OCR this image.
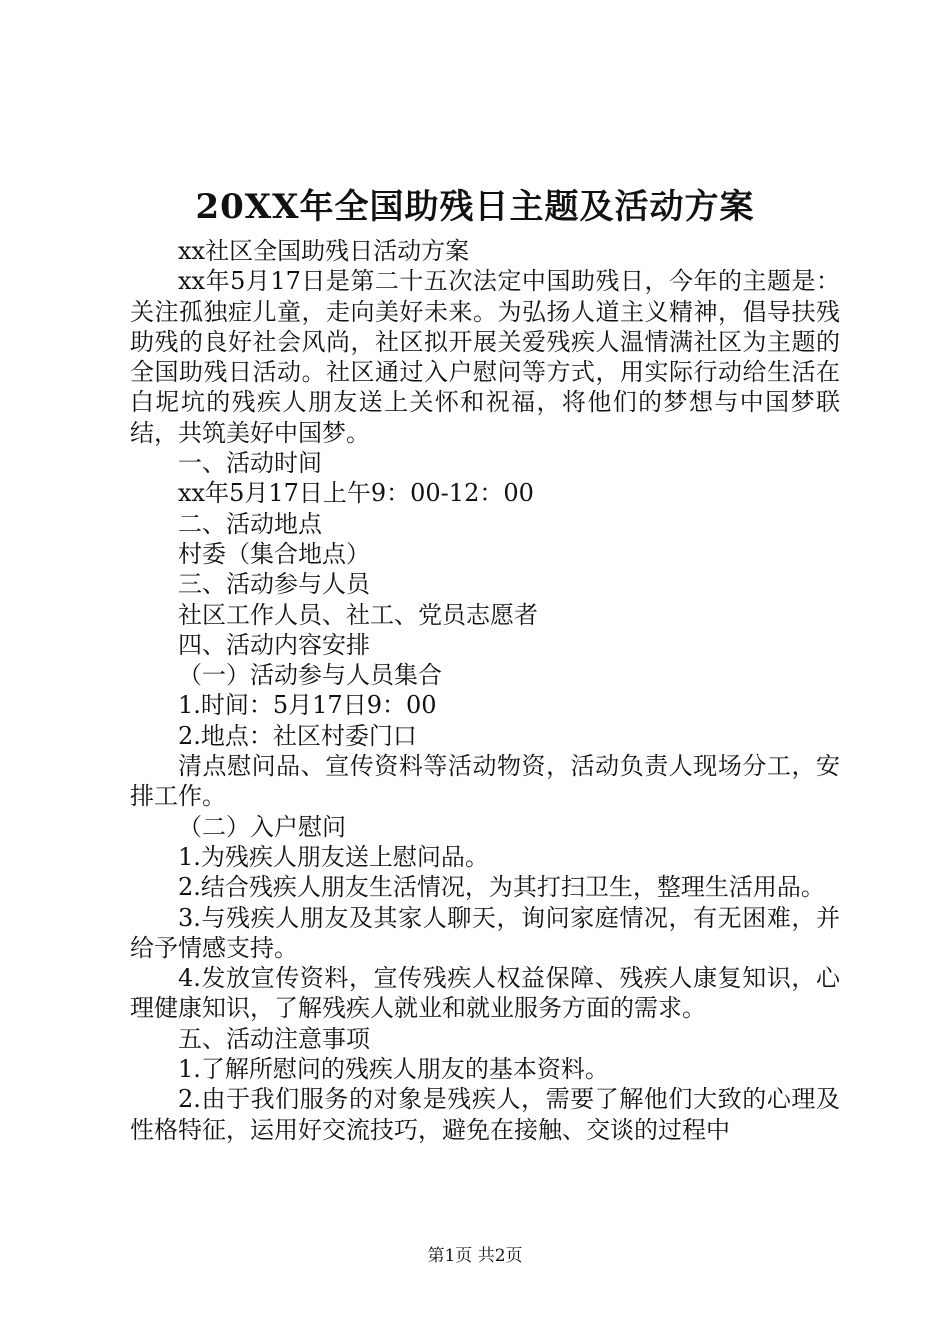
20XX年全国助残日主题及活动方案

xx社区全国助残日活动方案

xx年5月17日是第二十五次法定中国助残日，今年的主题是：关注孤独症儿童，走向美好未来。为弘扬人道主义精神，倡导扶残助残的良好社会风尚，社区拟开展关爱残疾人温情满社区为主题的全国助残日活动。社区通过入户慰问等方式，用实际行动给生活在白坭坑的残疾人朋友送上关怀和祝福，将他们的梦想与中国梦联结，共筑美好中国梦。

一、活动时间

xx年5月17日上午9：00-12：00

二、活动地点

村委（集合地点）

三、活动参与人员

社区工作人员、社工、党员志愿者

四、活动内容安排

（一）活动参与人员集合

1.时间：5月17日9：00

2.地点：社区村委门口

清点慰问品、宣传资料等活动物资，活动负责人现场分工，安排工作。

（二）入户慰问

1.为残疾人朋友送上慰问品。

2.结合残疾人朋友生活情况，为其打扫卫生，整理生活用品。

3.与残疾人朋友及其家人聊天，询问家庭情况，有无困难，并给予情感支持。

4.发放宣传资料，宣传残疾人权益保障、残疾人康复知识，心理健康知识，了解残疾人就业和就业服务方面的需求。

五、活动注意事项

1.了解所慰问的残疾人朋友的基本资料。

2.由于我们服务的对象是残疾人，需要了解他们大致的心理及性格特征，运用好交流技巧，避免在接触、交谈的过程中

第1页 共2页
